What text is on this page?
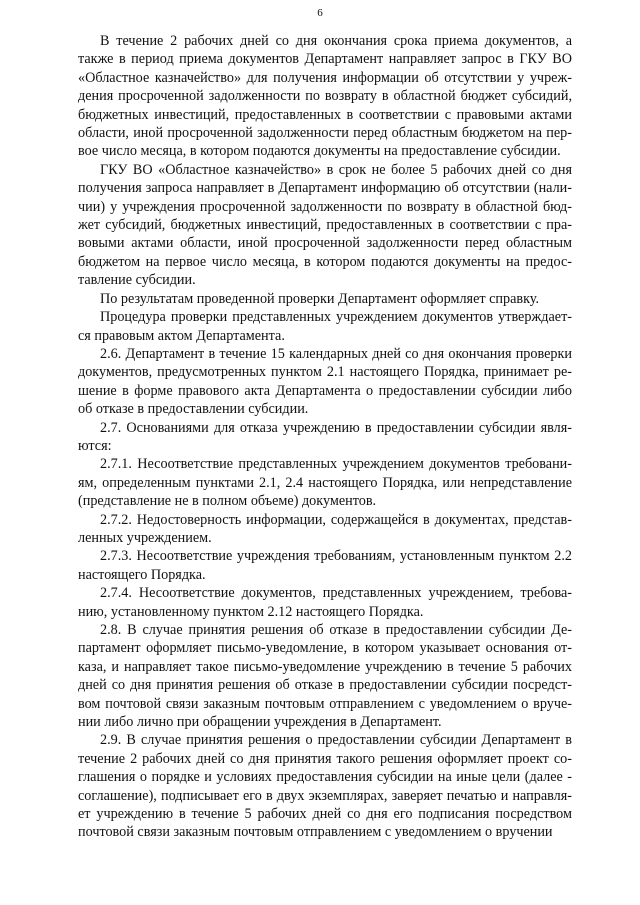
6

В течение 2 рабочих дней со дня окончания срока приема документов, а также в период приема документов Департамент направляет запрос в ГКУ ВО «Областное казначейство» для получения информации об отсутствии у учреждения просроченной задолженности по возврату в областной бюджет субсидий, бюджетных инвестиций, предоставленных в соответствии с правовыми актами области, иной просроченной задолженности перед областным бюджетом на первое число месяца, в котором подаются документы на предоставление субсидии.

ГКУ ВО «Областное казначейство» в срок не более 5 рабочих дней со дня получения запроса направляет в Департамент информацию об отсутствии (наличии) у учреждения просроченной задолженности по возврату в областной бюджет субсидий, бюджетных инвестиций, предоставленных в соответствии с правовыми актами области, иной просроченной задолженности перед областным бюджетом на первое число месяца, в котором подаются документы на предоставление субсидии.

По результатам проведенной проверки Департамент оформляет справку.

Процедура проверки представленных учреждением документов утверждается правовым актом Департамента.

2.6. Департамент в течение 15 календарных дней со дня окончания проверки документов, предусмотренных пунктом 2.1 настоящего Порядка, принимает решение в форме правового акта Департамента о предоставлении субсидии либо об отказе в предоставлении субсидии.

2.7. Основаниями для отказа учреждению в предоставлении субсидии являются:

2.7.1. Несоответствие представленных учреждением документов требованиям, определенным пунктами 2.1, 2.4 настоящего Порядка, или непредставление (представление не в полном объеме) документов.

2.7.2. Недостоверность информации, содержащейся в документах, представленных учреждением.

2.7.3. Несоответствие учреждения требованиям, установленным пунктом 2.2 настоящего Порядка.

2.7.4. Несоответствие документов, представленных учреждением, требованию, установленному пунктом 2.12 настоящего Порядка.

2.8. В случае принятия решения об отказе в предоставлении субсидии Департамент оформляет письмо-уведомление, в котором указывает основания отказа, и направляет такое письмо-уведомление учреждению в течение 5 рабочих дней со дня принятия решения об отказе в предоставлении субсидии посредством почтовой связи заказным почтовым отправлением с уведомлением о вручении либо лично при обращении учреждения в Департамент.

2.9. В случае принятия решения о предоставлении субсидии Департамент в течение 2 рабочих дней со дня принятия такого решения оформляет проект соглашения о порядке и условиях предоставления субсидии на иные цели (далее - соглашение), подписывает его в двух экземплярах, заверяет печатью и направляет учреждению в течение 5 рабочих дней со дня его подписания посредством почтовой связи заказным почтовым отправлением с уведомлением о вручении
